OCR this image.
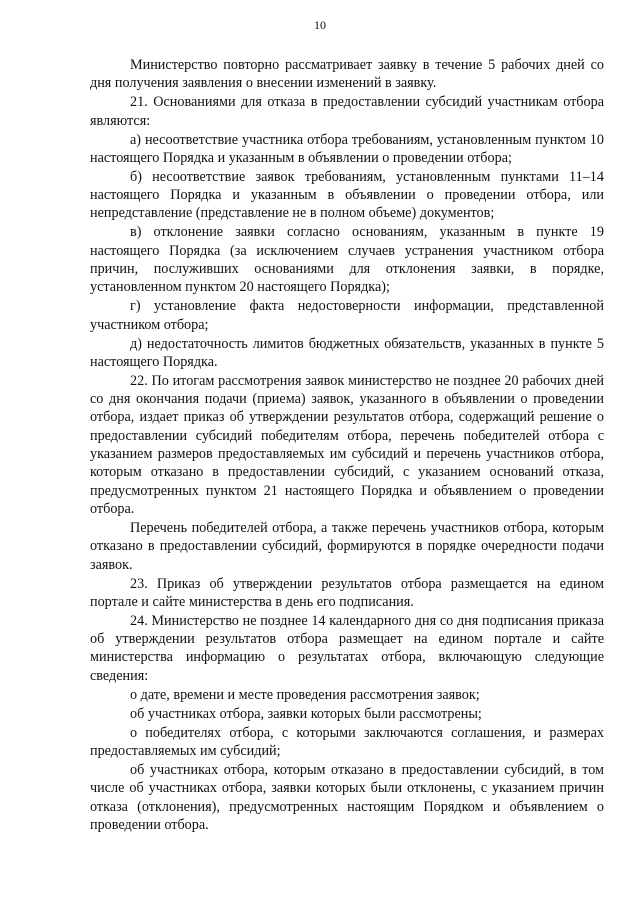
10

Министерство повторно рассматривает заявку в течение 5 рабочих дней со дня получения заявления о внесении изменений в заявку.

21. Основаниями для отказа в предоставлении субсидий участникам отбора являются:

а) несоответствие участника отбора требованиям, установленным пунктом 10 настоящего Порядка и указанным в объявлении о проведении отбора;

б) несоответствие заявок требованиям, установленным пунктами 11–14 настоящего Порядка и указанным в объявлении о проведении отбора, или непредставление (представление не в полном объеме) документов;

в) отклонение заявки согласно основаниям, указанным в пункте 19 настоящего Порядка (за исключением случаев устранения участником отбора причин, послуживших основаниями для отклонения заявки, в порядке, установленном пунктом 20 настоящего Порядка);

г) установление факта недостоверности информации, представленной участником отбора;

д) недостаточность лимитов бюджетных обязательств, указанных в пункте 5 настоящего Порядка.

22. По итогам рассмотрения заявок министерство не позднее 20 рабочих дней со дня окончания подачи (приема) заявок, указанного в объявлении о проведении отбора, издает приказ об утверждении результатов отбора, содержащий решение о предоставлении субсидий победителям отбора, перечень победителей отбора с указанием размеров предоставляемых им субсидий и перечень участников отбора, которым отказано в предоставлении субсидий, с указанием оснований отказа, предусмотренных пунктом 21 настоящего Порядка и объявлением о проведении отбора.

Перечень победителей отбора, а также перечень участников отбора, которым отказано в предоставлении субсидий, формируются в порядке очередности подачи заявок.

23. Приказ об утверждении результатов отбора размещается на едином портале и сайте министерства в день его подписания.

24. Министерство не позднее 14 календарного дня со дня подписания приказа об утверждении результатов отбора размещает на едином портале и сайте министерства информацию о результатах отбора, включающую следующие сведения:

о дате, времени и месте проведения рассмотрения заявок;

об участниках отбора, заявки которых были рассмотрены;

о победителях отбора, с которыми заключаются соглашения, и размерах предоставляемых им субсидий;

об участниках отбора, которым отказано в предоставлении субсидий, в том числе об участниках отбора, заявки которых были отклонены, с указанием причин отказа (отклонения), предусмотренных настоящим Порядком и объявлением о проведении отбора.
